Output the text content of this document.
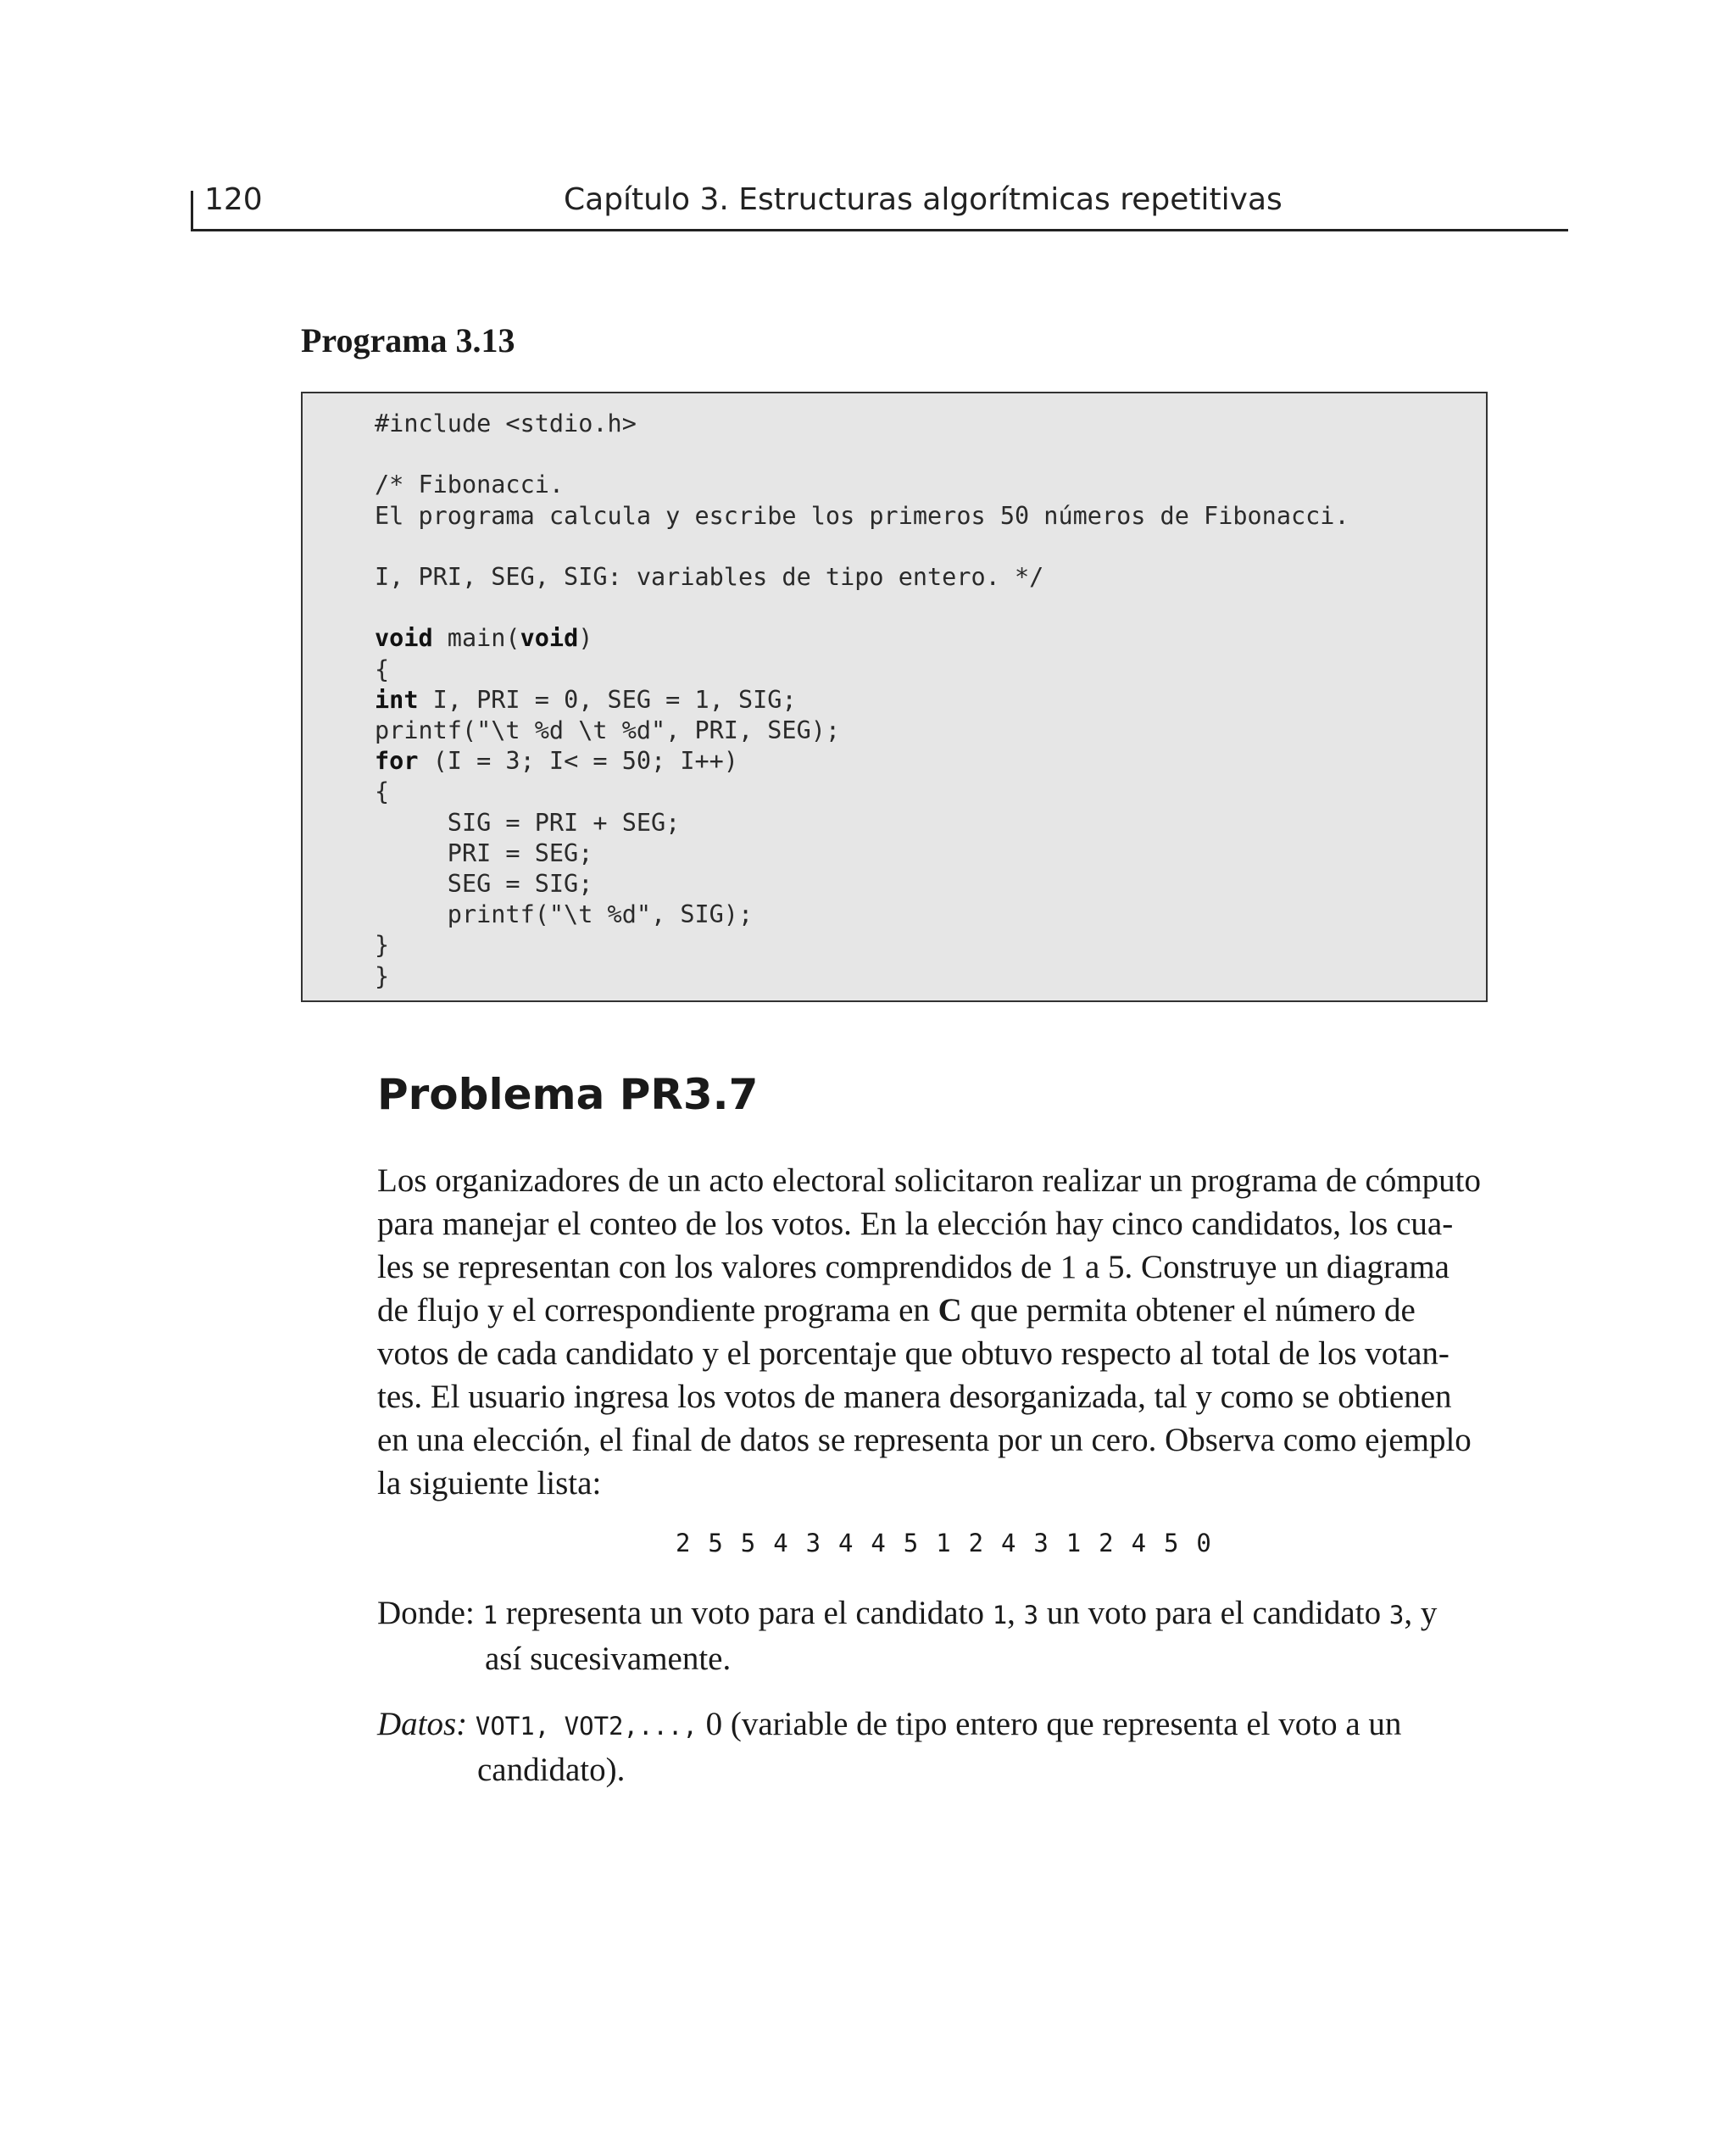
120	Capítulo 3. Estructuras algorítmicas repetitivas
Programa 3.13
#include <stdio.h>

/* Fibonacci.
El programa calcula y escribe los primeros 50 números de Fibonacci.

I, PRI, SEG, SIG: variables de tipo entero. */

void main(void)
{
int I, PRI = 0, SEG = 1, SIG;
printf("\t %d \t %d", PRI, SEG);
for (I = 3; I< = 50; I++)
{
SIG = PRI + SEG;
PRI = SEG;
SEG = SIG;
printf("\t %d", SIG);
}
}
Problema PR3.7

Los organizadores de un acto electoral solicitaron realizar un programa de cómputo
para manejar el conteo de los votos. En la elección hay cinco candidatos, los cua-
les se representan con los valores comprendidos de 1 a 5. Construye un diagrama
de flujo y el correspondiente programa en C que permita obtener el número de
votos de cada candidato y el porcentaje que obtuvo respecto al total de los votan-
tes. El usuario ingresa los votos de manera desorganizada, tal y como se obtienen
en una elección, el final de datos se representa por un cero. Observa como ejemplo
la siguiente lista:

2 5 5 4 3 4 4 5 1 2 4 3 1 2 4 5 0
Donde: 1 representa un voto para el candidato 1, 3 un voto para el candidato 3, y
así sucesivamente.
Datos: VOT1, VOT2,..., 0 (variable de tipo entero que representa el voto a un
candidato).
